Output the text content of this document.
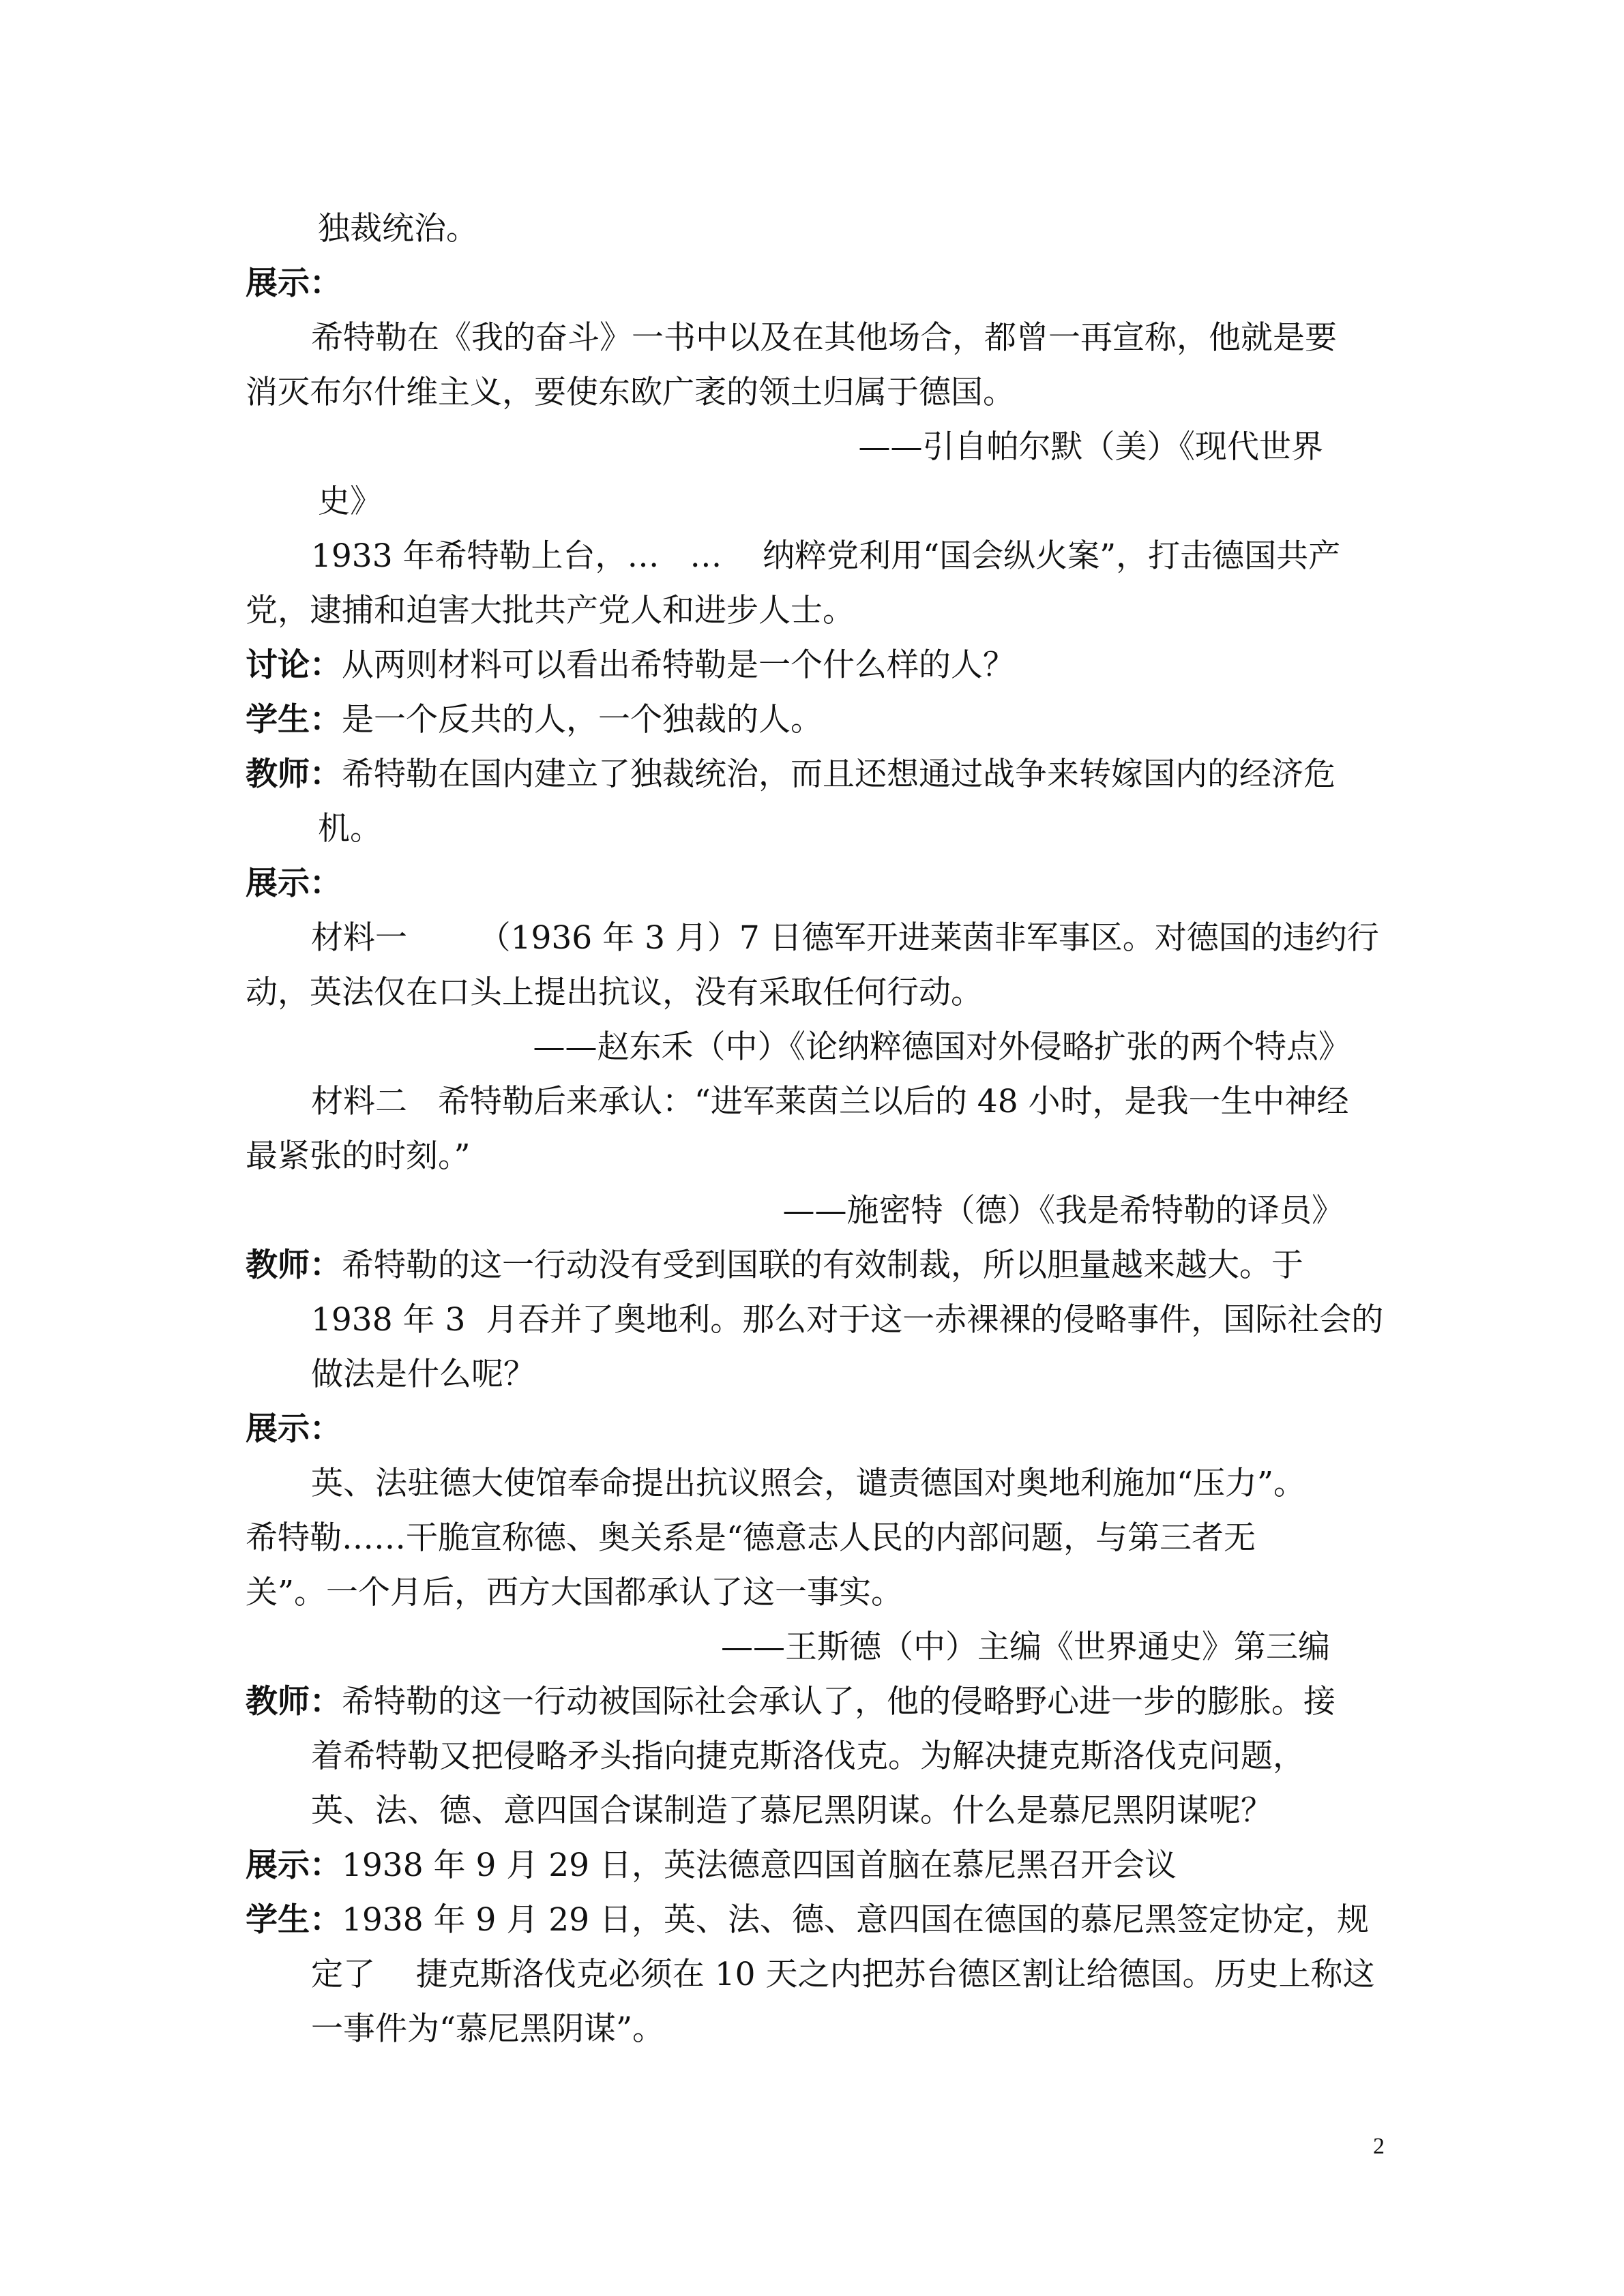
独裁统治。
展示：
希特勒在《我的奋斗》一书中以及在其他场合，都曾一再宣称，他就是要
消灭布尔什维主义，要使东欧广袤的领土归属于德国。
——引自帕尔默（美）《现代世界
史》
1933 年希特勒上台，…   …    纳粹党利用“国会纵火案”，打击德国共产
党，逮捕和迫害大批共产党人和进步人士。
讨论：从两则材料可以看出希特勒是一个什么样的人？
学生：是一个反共的人，一个独裁的人。
教师：希特勒在国内建立了独裁统治，而且还想通过战争来转嫁国内的经济危
机。
展示：
材料一       （1936 年 3 月）7 日德军开进莱茵非军事区。对德国的违约行
动，英法仅在口头上提出抗议，没有采取任何行动。
——赵东禾（中）《论纳粹德国对外侵略扩张的两个特点》
材料二   希特勒后来承认：“进军莱茵兰以后的 48 小时，是我一生中神经
最紧张的时刻。”
——施密特（德）《我是希特勒的译员》
教师：希特勒的这一行动没有受到国联的有效制裁，所以胆量越来越大。于
1938 年 3  月吞并了奥地利。那么对于这一赤裸裸的侵略事件，国际社会的
做法是什么呢？
展示：
英、法驻德大使馆奉命提出抗议照会，谴责德国对奥地利施加“压力”。
希特勒……干脆宣称德、奥关系是“德意志人民的内部问题，与第三者无
关”。一个月后，西方大国都承认了这一事实。
——王斯德（中）主编《世界通史》第三编
教师：希特勒的这一行动被国际社会承认了，他的侵略野心进一步的膨胀。接
着希特勒又把侵略矛头指向捷克斯洛伐克。为解决捷克斯洛伐克问题，
英、法、德、意四国合谋制造了慕尼黑阴谋。什么是慕尼黑阴谋呢？
展示：1938 年 9 月 29 日，英法德意四国首脑在慕尼黑召开会议
学生：1938 年 9 月 29 日，英、法、德、意四国在德国的慕尼黑签定协定，规
定了    捷克斯洛伐克必须在 10 天之内把苏台德区割让给德国。历史上称这
一事件为“慕尼黑阴谋”。
2
